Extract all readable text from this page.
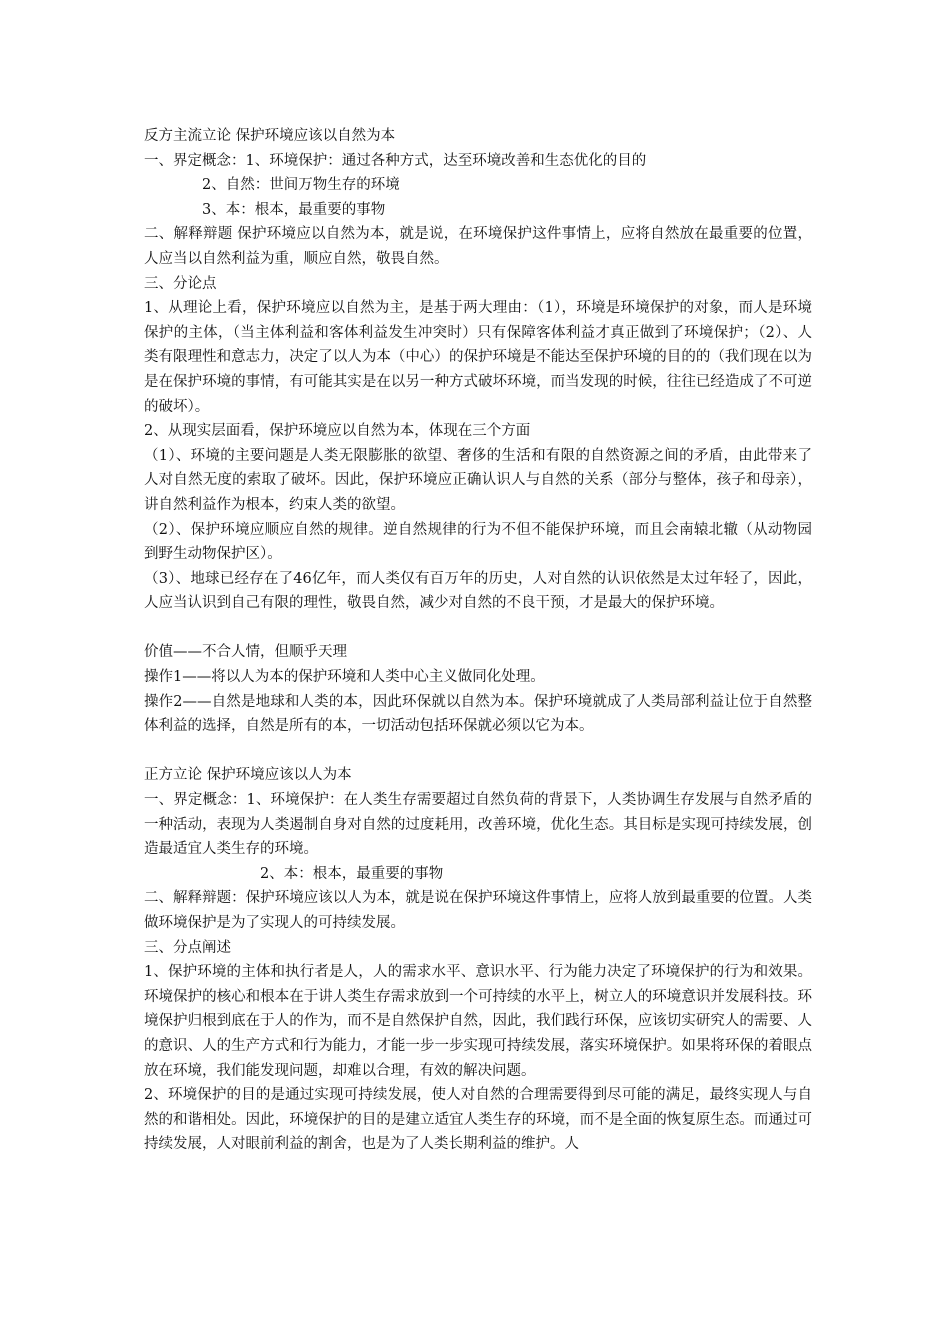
反方主流立论 保护环境应该以自然为本

一、界定概念：1、环境保护：通过各种方式，达至环境改善和生态优化的目的

2、自然：世间万物生存的环境

3、本：根本，最重要的事物

二、解释辩题 保护环境应以自然为本，就是说，在环境保护这件事情上，应将自然放在最重要的位置，人应当以自然利益为重，顺应自然，敬畏自然。

三、分论点

1、从理论上看，保护环境应以自然为主，是基于两大理由：（1），环境是环境保护的对象，而人是环境保护的主体，（当主体利益和客体利益发生冲突时）只有保障客体利益才真正做到了环境保护；（2）、人类有限理性和意志力，决定了以人为本（中心）的保护环境是不能达至保护环境的目的的（我们现在以为是在保护环境的事情，有可能其实是在以另一种方式破坏环境，而当发现的时候，往往已经造成了不可逆的破坏）。

2、从现实层面看，保护环境应以自然为本，体现在三个方面

（1）、环境的主要问题是人类无限膨胀的欲望、奢侈的生活和有限的自然资源之间的矛盾，由此带来了人对自然无度的索取了破坏。因此，保护环境应正确认识人与自然的关系（部分与整体，孩子和母亲），讲自然利益作为根本，约束人类的欲望。

（2）、保护环境应顺应自然的规律。逆自然规律的行为不但不能保护环境，而且会南辕北辙（从动物园到野生动物保护区）。

（3）、地球已经存在了46亿年，而人类仅有百万年的历史，人对自然的认识依然是太过年轻了，因此，人应当认识到自己有限的理性，敬畏自然，减少对自然的不良干预，才是最大的保护环境。

价值——不合人情，但顺乎天理

操作1——将以人为本的保护环境和人类中心主义做同化处理。

操作2——自然是地球和人类的本，因此环保就以自然为本。保护环境就成了人类局部利益让位于自然整体利益的选择，自然是所有的本，一切活动包括环保就必须以它为本。

正方立论 保护环境应该以人为本

一、界定概念：1、环境保护：在人类生存需要超过自然负荷的背景下，人类协调生存发展与自然矛盾的一种活动，表现为人类遏制自身对自然的过度耗用，改善环境，优化生态。其目标是实现可持续发展，创造最适宜人类生存的环境。

2、本：根本，最重要的事物

二、解释辩题：保护环境应该以人为本，就是说在保护环境这件事情上，应将人放到最重要的位置。人类做环境保护是为了实现人的可持续发展。

三、分点阐述

1、保护环境的主体和执行者是人，人的需求水平、意识水平、行为能力决定了环境保护的行为和效果。环境保护的核心和根本在于讲人类生存需求放到一个可持续的水平上，树立人的环境意识并发展科技。环境保护归根到底在于人的作为，而不是自然保护自然，因此，我们践行环保，应该切实研究人的需要、人的意识、人的生产方式和行为能力，才能一步一步实现可持续发展，落实环境保护。如果将环保的着眼点放在环境，我们能发现问题，却难以合理，有效的解决问题。

2、环境保护的目的是通过实现可持续发展，使人对自然的合理需要得到尽可能的满足，最终实现人与自然的和谐相处。因此，环境保护的目的是建立适宜人类生存的环境，而不是全面的恢复原生态。而通过可持续发展，人对眼前利益的割舍，也是为了人类长期利益的维护。人
